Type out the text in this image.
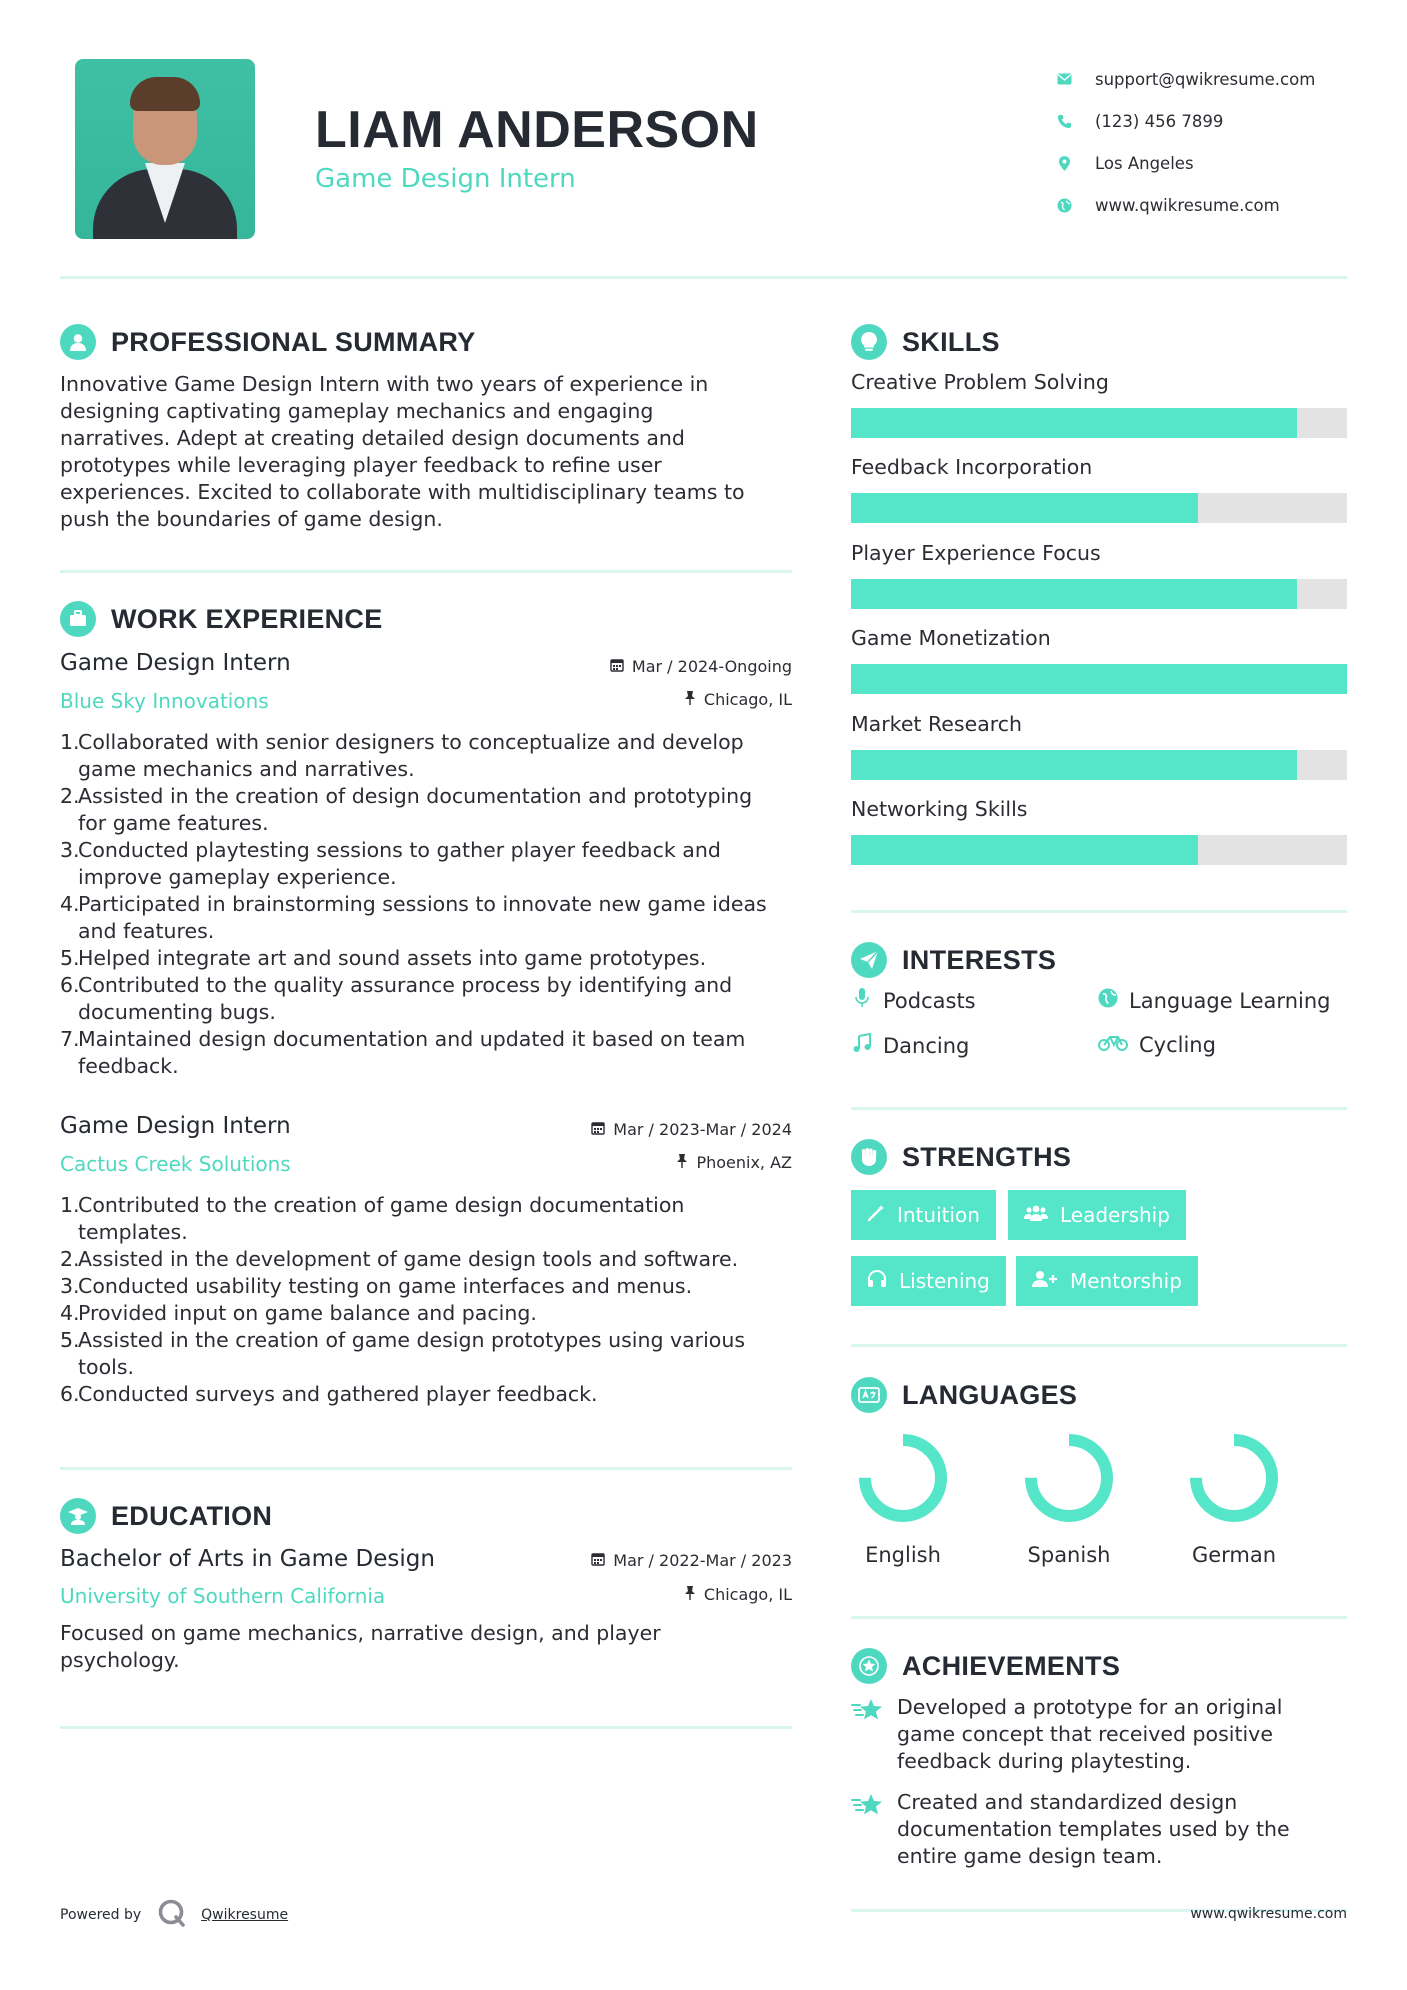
LIAM ANDERSON
Game Design Intern
support@qwikresume.com
(123) 456 7899
Los Angeles
www.qwikresume.com
PROFESSIONAL SUMMARY
Innovative Game Design Intern with two years of experience in
designing captivating gameplay mechanics and engaging
narratives. Adept at creating detailed design documents and
prototypes while leveraging player feedback to refine user
experiences. Excited to collaborate with multidisciplinary teams to
push the boundaries of game design.
WORK EXPERIENCE
Game Design Intern	Mar / 2024-Ongoing
Blue Sky Innovations	Chicago, IL
1.
Collaborated with senior designers to conceptualize and develop
game mechanics and narratives.
2.
Assisted in the creation of design documentation and prototyping
for game features.
3.
Conducted playtesting sessions to gather player feedback and
improve gameplay experience.
4.
Participated in brainstorming sessions to innovate new game ideas
and features.
5.
Helped integrate art and sound assets into game prototypes.
6.
Contributed to the quality assurance process by identifying and
documenting bugs.
7.
Maintained design documentation and updated it based on team
feedback.
Game Design Intern	Mar / 2023-Mar / 2024
Cactus Creek Solutions	Phoenix, AZ
1.
Contributed to the creation of game design documentation
templates.
2.
Assisted in the development of game design tools and software.
3.
Conducted usability testing on game interfaces and menus.
4.
Provided input on game balance and pacing.
5.
Assisted in the creation of game design prototypes using various
tools.
6.
Conducted surveys and gathered player feedback.
EDUCATION
Bachelor of Arts in Game Design	Mar / 2022-Mar / 2023
University of Southern California	Chicago, IL
Focused on game mechanics, narrative design, and player
psychology.
SKILLS
Creative Problem Solving
Feedback Incorporation
Player Experience Focus
Game Monetization
Market Research
Networking Skills
INTERESTS
Podcasts	Language Learning
Dancing	Cycling
STRENGTHS
Intuition	Leadership
Listening	Mentorship
LANGUAGES
English	Spanish	German
ACHIEVEMENTS
Developed a prototype for an original
game concept that received positive
feedback during playtesting.
Created and standardized design
documentation templates used by the
entire game design team.
Powered by	Qwikresume	www.qwikresume.com
